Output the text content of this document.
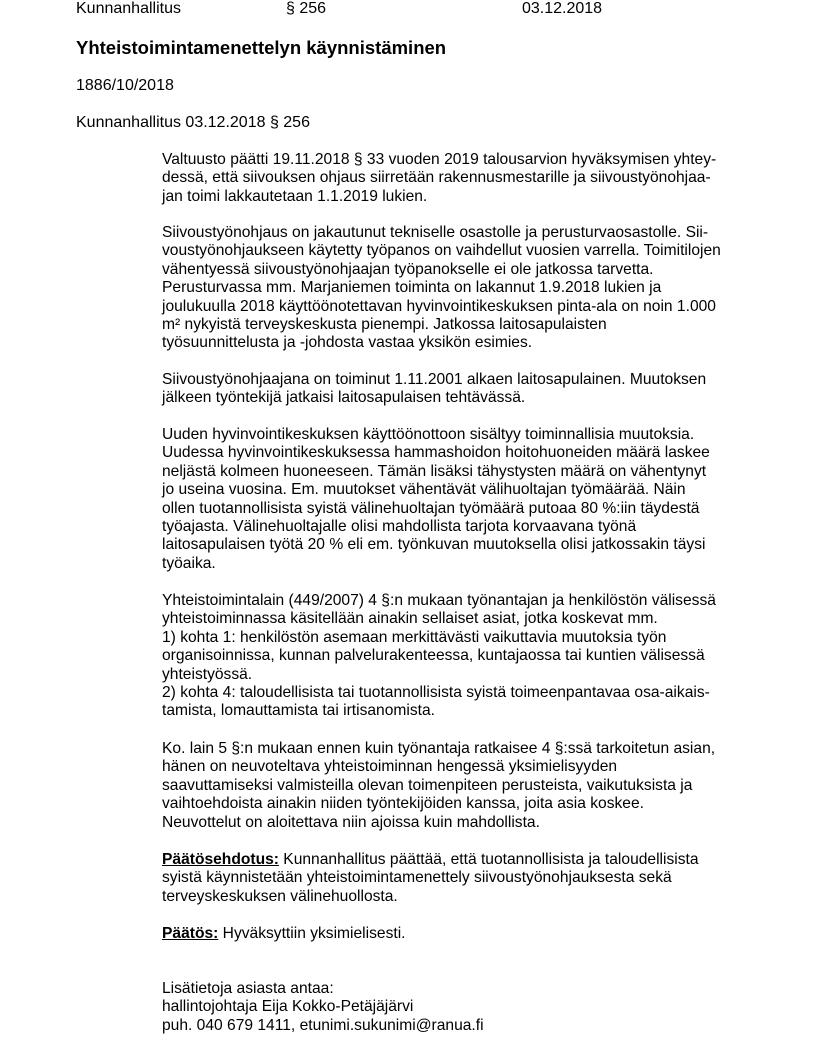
Kunnanhallitus	§ 256	03.12.2018
Yhteistoimintamenettelyn käynnistäminen
1886/10/2018
Kunnanhallitus 03.12.2018 § 256
Valtuusto päätti 19.11.2018 § 33 vuoden 2019 talousarvion hyväksymisen yhtey-
dessä, että siivouksen ohjaus siirretään rakennusmestarille ja siivoustyönohjaa-
jan toimi lakkautetaan 1.1.2019 lukien.
Siivoustyönohjaus on jakautunut tekniselle osastolle ja perusturvaosastolle. Sii-
voustyönohjaukseen käytetty työpanos on vaihdellut vuosien varrella. Toimitilojen
vähentyessä siivoustyönohjaajan työpanokselle ei ole jatkossa tarvetta.
Perusturvassa mm. Marjaniemen toiminta on lakannut 1.9.2018 lukien ja
joulukuulla 2018 käyttöönotettavan hyvinvointikeskuksen pinta-ala on noin 1.000
m² nykyistä terveyskeskusta pienempi. Jatkossa laitosapulaisten
työsuunnittelusta ja -johdosta vastaa yksikön esimies.
Siivoustyönohjaajana on toiminut 1.11.2001 alkaen laitosapulainen. Muutoksen
jälkeen työntekijä jatkaisi laitosapulaisen tehtävässä.
Uuden hyvinvointikeskuksen käyttöönottoon sisältyy toiminnallisia muutoksia.
Uudessa hyvinvointikeskuksessa hammashoidon hoitohuoneiden määrä laskee
neljästä kolmeen huoneeseen. Tämän lisäksi tähystysten määrä on vähentynyt
jo useina vuosina. Em. muutokset vähentävät välihuoltajan työmäärää. Näin
ollen tuotannollisista syistä välinehuoltajan työmäärä putoaa 80 %:iin täydestä
työajasta. Välinehuoltajalle olisi mahdollista tarjota korvaavana työnä
laitosapulaisen työtä 20 % eli em. työnkuvan muutoksella olisi jatkossakin täysi
työaika.
Yhteistoimintalain (449/2007) 4 §:n mukaan työnantajan ja henkilöstön välisessä
yhteistoiminnassa käsitellään ainakin sellaiset asiat, jotka koskevat mm.
1) kohta 1: henkilöstön asemaan merkittävästi vaikuttavia muutoksia työn
organisoinnissa, kunnan palvelurakenteessa, kuntajaossa tai kuntien välisessä
yhteistyössä.
2) kohta 4: taloudellisista tai tuotannollisista syistä toimeenpantavaa osa-aikais-
tamista, lomauttamista tai irtisanomista.
Ko. lain 5 §:n mukaan ennen kuin työnantaja ratkaisee 4 §:ssä tarkoitetun asian,
hänen on neuvoteltava yhteistoiminnan hengessä yksimielisyyden
saavuttamiseksi valmisteilla olevan toimenpiteen perusteista, vaikutuksista ja
vaihtoehdoista ainakin niiden työntekijöiden kanssa, joita asia koskee.
Neuvottelut on aloitettava niin ajoissa kuin mahdollista.
Päätösehdotus: Kunnanhallitus päättää, että tuotannollisista ja taloudellisista
syistä käynnistetään yhteistoimintamenettely siivoustyönohjauksesta sekä
terveyskeskuksen välinehuollosta.
Päätös: Hyväksyttiin yksimielisesti.
Lisätietoja asiasta antaa:
hallintojohtaja Eija Kokko-Petäjäjärvi
puh. 040 679 1411, etunimi.sukunimi@ranua.fi
